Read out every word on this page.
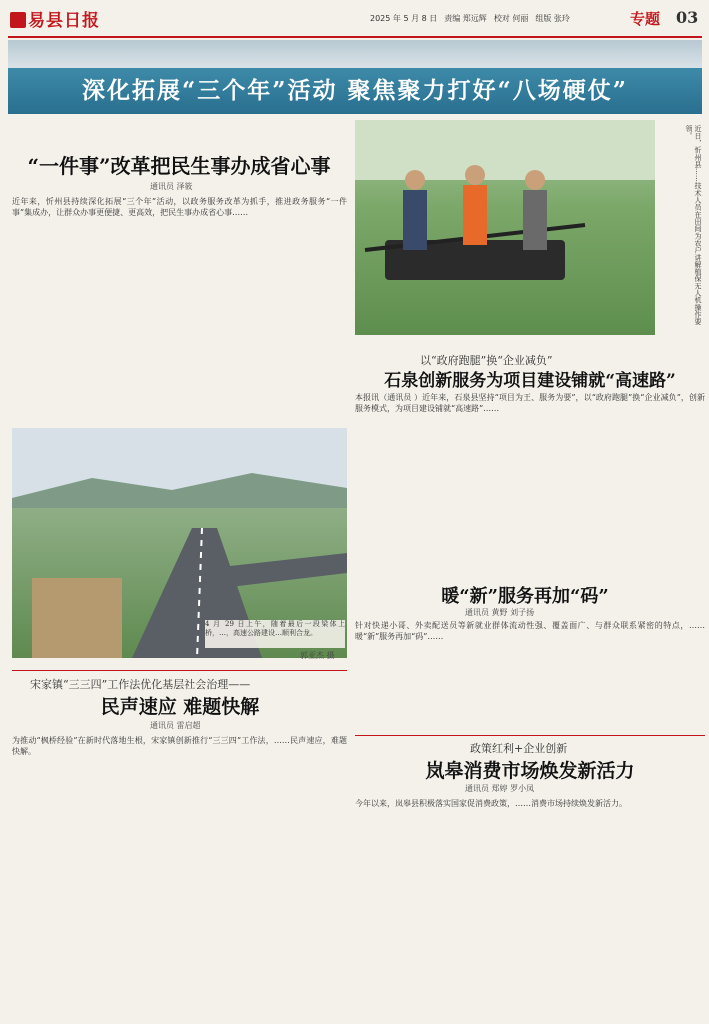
易县日报	2025 年 5 月 8 日 责编 郑远辉 校对 何丽 组版 张玲	专题 03
深化拓展“三个年”活动 聚焦聚力打好“八场硬仗”
“一件事”改革把民生事办成省心事
通讯员 泽筱
近年来，忻州县持续深化拓展“三个年”活动，以政务服务改革为抓手，推进政务服务“一件事”集成办，让群众办事更便捷、更高效，把民生事办成省心事……	近日，忻州县……技术人员在田间为农户讲解植保无人机操作要领。
以“政府跑腿”换“企业减负”
石泉创新服务为项目建设铺就“高速路”
本报讯（通讯员 ）近年来，石泉县坚持“项目为王、服务为要”，以“政府跑腿”换“企业减负”，创新服务模式，为项目建设铺就“高速路”……
4 月 29 日上午，随着最后一段梁体上桥，…，高速公路建设…顺利合龙。
郭亚杰 摄
暖“新”服务再加“码”
通讯员 黄野 刘子扬
针对快递小哥、外卖配送员等新就业群体流动性强、覆盖面广、与群众联系紧密的特点，……暖“新”服务再加“码”……
宋家镇“三三四”工作法优化基层社会治理——
民声速应 难题快解
通讯员 雷启超
为推动“枫桥经验”在新时代落地生根，宋家镇创新推行“三三四”工作法，……民声速应，难题快解。	政策红利+企业创新
岚皋消费市场焕发新活力
通讯员 郑婷 罗小凤
今年以来，岚皋县积极落实国家促消费政策，……消费市场持续焕发新活力。
